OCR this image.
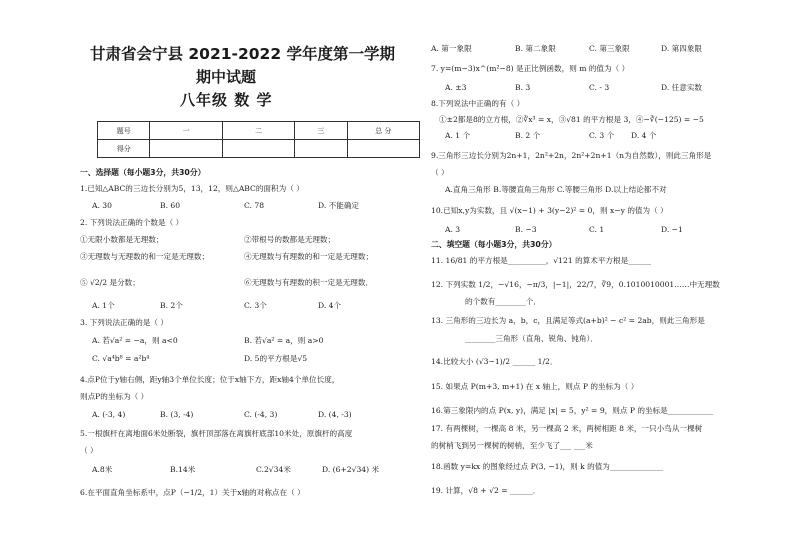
甘肃省会宁县 2021-2022 学年度第一学期
期中试题
八年级 数 学
题号	一	二	三	总 分
得分				
一、选择题（每小题3分，共30分）
1.已知△ABC的三边长分别为5，13，12，则△ABC的面积为（ ）
A. 30	B. 60	C. 78	D. 不能确定
2. 下列说法正确的个数是（ ）
①无限小数都是无理数；	②带根号的数都是无理数；
③无理数与无理数的和一定是无理数；	④无理数与有理数的和一定是无理数；
⑤ √2/2 是分数；	⑥无理数与有理数的积一定是无理数．
A. 1个	B. 2个	C. 3个	D. 4个
3. 下列说法正确的是（ ）
A. 若√a² = −a，则 a<0	B. 若√a² = a，则 a>0
C. √a⁴b⁸ = a²b⁴	D. 5的平方根是√5
4.点P位于y轴右侧，距y轴3个单位长度；位于x轴下方，距x轴4个单位长度，
则点P的坐标为（ ）
A. (-3, 4)	B. (3, -4)	C. (-4, 3)	D. (4, -3)
5.一根旗杆在离地面6米处断裂，旗杆顶部落在离旗杆底部10米处，原旗杆的高度
（ ）
A.8米	B.14米	C.2√34米	D. (6+2√34) 米
6.在平面直角坐标系中，点P（−1/2，1）关于x轴的对称点在（ ）
A. 第一象限	B. 第二象限	C. 第三象限	D. 第四象限
7. y=(m−3)x^(m²−8) 是正比例函数，则 m 的值为（ ）
A. ±3	B. 3	C. - 3	D. 任意实数
8.下列说法中正确的有（ ）
①±2都是8的立方根，②∛x³ = x，③√81 的平方根是 3，④−∛(−125) = −5
A. 1 个	B. 2 个	C. 3 个 D. 4 个
9.三角形三边长分别为2n+1，2n²+2n，2n²+2n+1（n为自然数），则此三角形是
（ ）
A.直角三角形 B.等腰直角三角形 C.等腰三角形 D.以上结论都不对
10.已知x,y为实数，且 √(x−1) + 3(y−2)² = 0，则 x−y 的值为（ ）
A. 3	B. −3	C. 1	D. −1
二、填空题（每小题3分，共30分）
11. 16/81 的平方根是__________，√121 的算术平方根是______
12. 下列实数 1/2，−√16，−π/3，|−1|，22/7，∛9，0.1010010001……中无理数
的个数有________个．
13. 三角形的三边长为 a，b，c，且满足等式(a+b)² − c² = 2ab，则此三角形是
________三角形（直角、锐角、钝角）．
14.比较大小 (√3−1)/2 ______ 1/2．
15. 如果点 P(m+3, m+1) 在 x 轴上，则点 P 的坐标为（ ）
16.第三象限内的点 P(x, y)，满足 |x| = 5，y² = 9，则点 P 的坐标是____________
17. 有两棵树，一棵高 8 米，另一棵高 2 米，两树相距 8 米，一只小鸟从一棵树
的树梢飞到另一棵树的树梢，至少飞了___ ___米
18.函数 y=kx 的图象经过点 P(3, −1)，则 k 的值为______________
19. 计算，√8 + √2 = ______．
